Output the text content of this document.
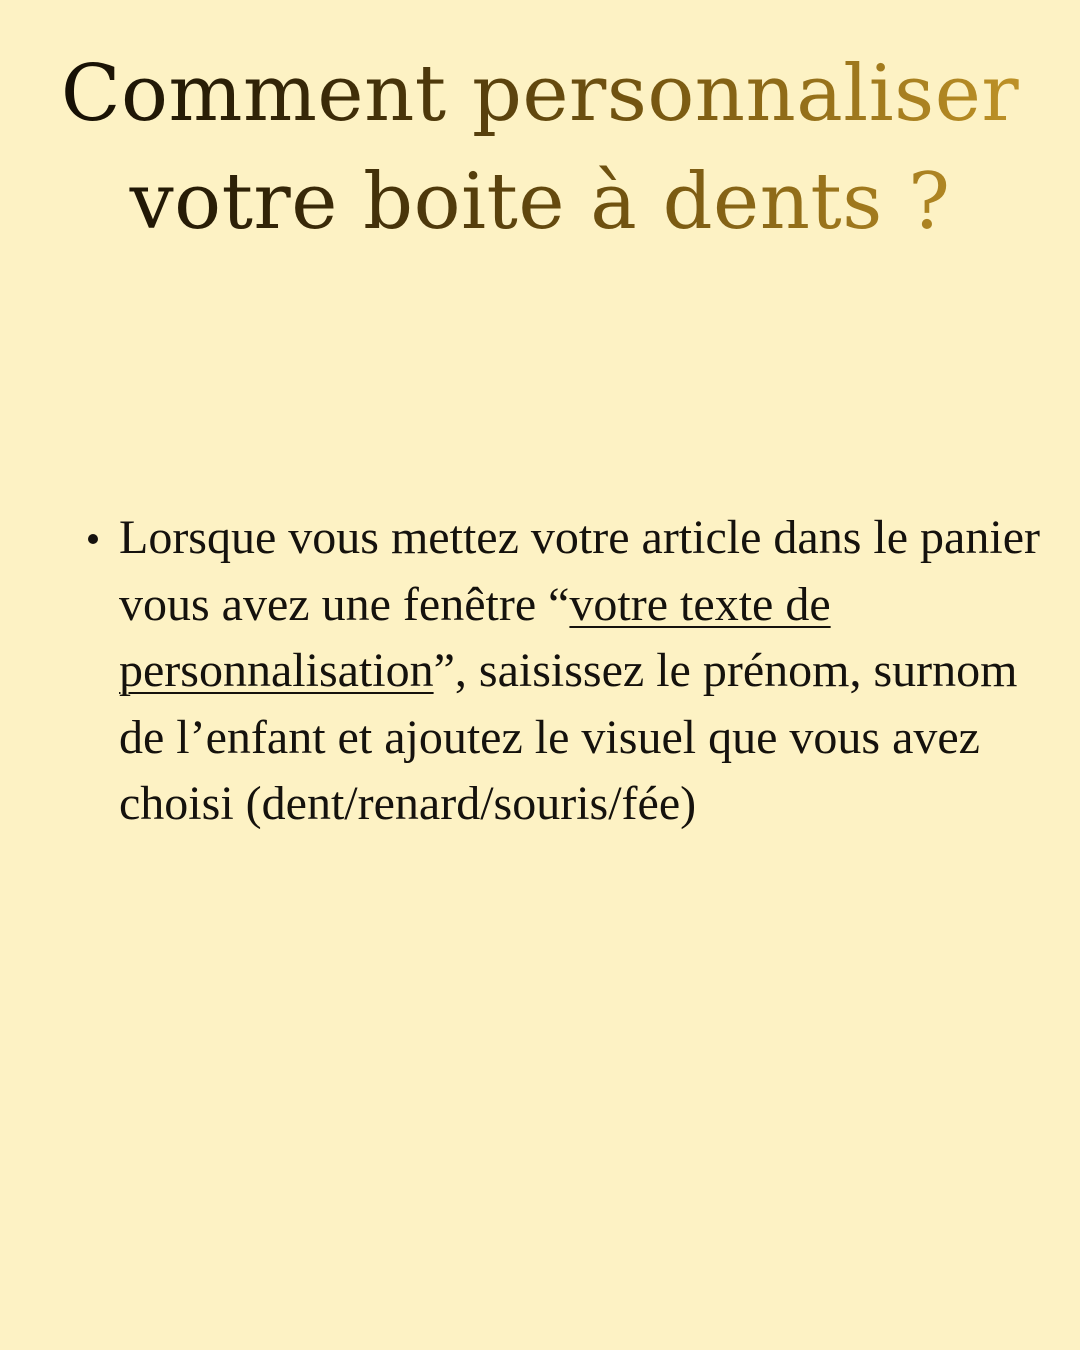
Comment personnaliser
votre boite à dents ?
Lorsque vous mettez votre article dans le panier vous avez une fenêtre “votre texte de personnalisation”, saisissez le prénom, surnom de l’enfant et ajoutez le visuel que vous avez choisi (dent/renard/souris/fée)
